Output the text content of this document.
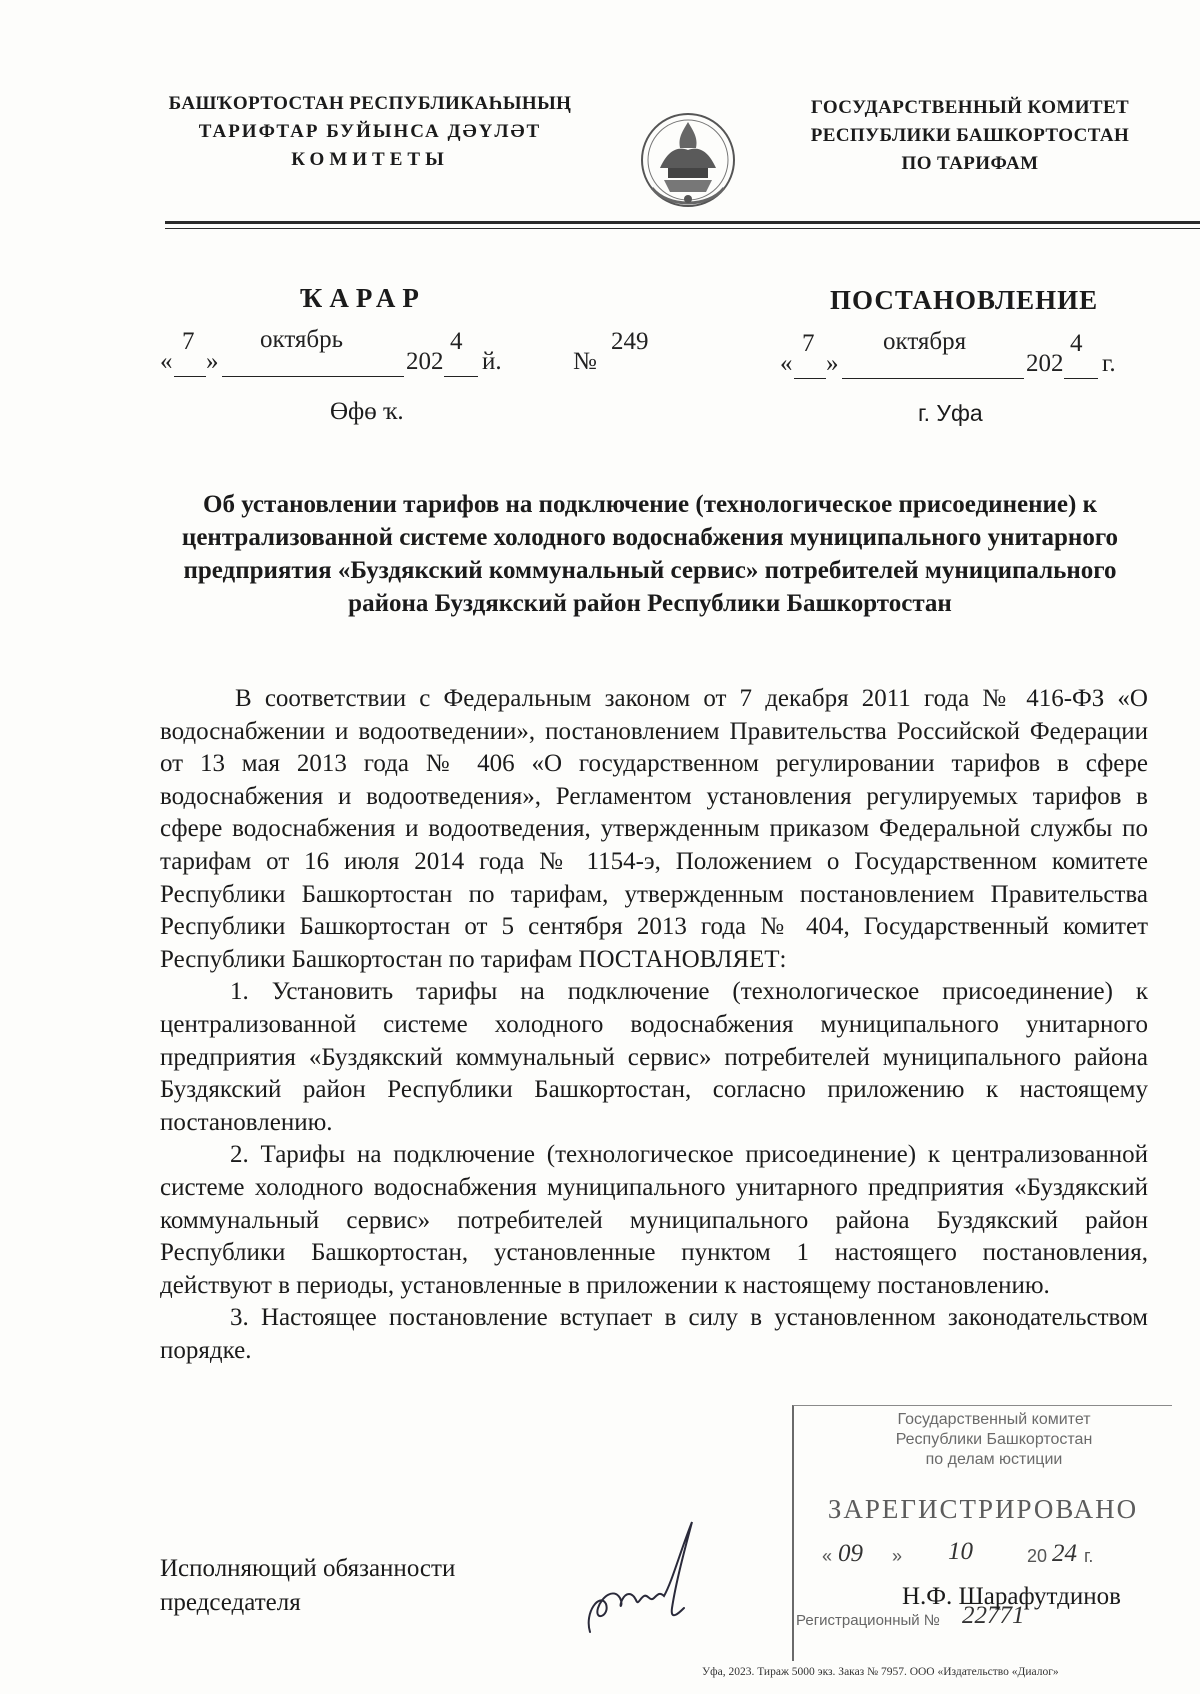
БАШҠОРТОСТАН РЕСПУБЛИКАҺЫНЫҢ
ТАРИФТАР БУЙЫНСА ДӘҮЛӘТ
КОМИТЕТЫ
ГОСУДАРСТВЕННЫЙ КОМИТЕТ
РЕСПУБЛИКИ БАШКОРТОСТАН
ПО ТАРИФАМ
ҠАРАР	ПОСТАНОВЛЕНИЕ
«
7
»
октябрь
202
4
й.	№
249
«
7
»
октября
202
4
г.
Өфө ҡ.	г. Уфа
Об установлении тарифов на подключение (технологическое присоединение) к централизованной системе холодного водоснабжения муниципального унитарного предприятия «Буздякский коммунальный сервис» потребителей муниципального района Буздякский район Республики Башкортостан

В соответствии с Федеральным законом от 7 декабря 2011 года № 416-ФЗ «О водоснабжении и водоотведении», постановлением Правительства Российской Федерации от 13 мая 2013 года № 406 «О государственном регулировании тарифов в сфере водоснабжения и водоотведения», Регламентом установления регулируемых тарифов в сфере водоснабжения и водоотведения, утвержденным приказом Федеральной службы по тарифам от 16 июля 2014 года № 1154-э, Положением о Государственном комитете Республики Башкортостан по тарифам, утвержденным постановлением Правительства Республики Башкортостан от 5 сентября 2013 года № 404, Государственный комитет Республики Башкортостан по тарифам ПОСТАНОВЛЯЕТ:

1. Установить тарифы на подключение (технологическое присоединение) к централизованной системе холодного водоснабжения муниципального унитарного предприятия «Буздякский коммунальный сервис» потребителей муниципального района Буздякский район Республики Башкортостан, согласно приложению к настоящему постановлению.

2. Тарифы на подключение (технологическое присоединение) к централизованной системе холодного водоснабжения муниципального унитарного предприятия «Буздякский коммунальный сервис» потребителей муниципального района Буздякский район Республики Башкортостан, установленные пунктом 1 настоящего постановления, действуют в периоды, установленные в приложении к настоящему постановлению.

3. Настоящее постановление вступает в силу в установленном законодательством порядке.

Исполняющий обязанности
председателя
Государственный комитет
Республики Башкортостан
по делам юстиции
ЗАРЕГИСТРИРОВАНО
« 09 » 10	20 24 г.
Регистрационный № 22771
Н.Ф. Шарафутдинов
Уфа, 2023. Тираж 5000 экз. Заказ № 7957. ООО «Издательство «Диалог»
